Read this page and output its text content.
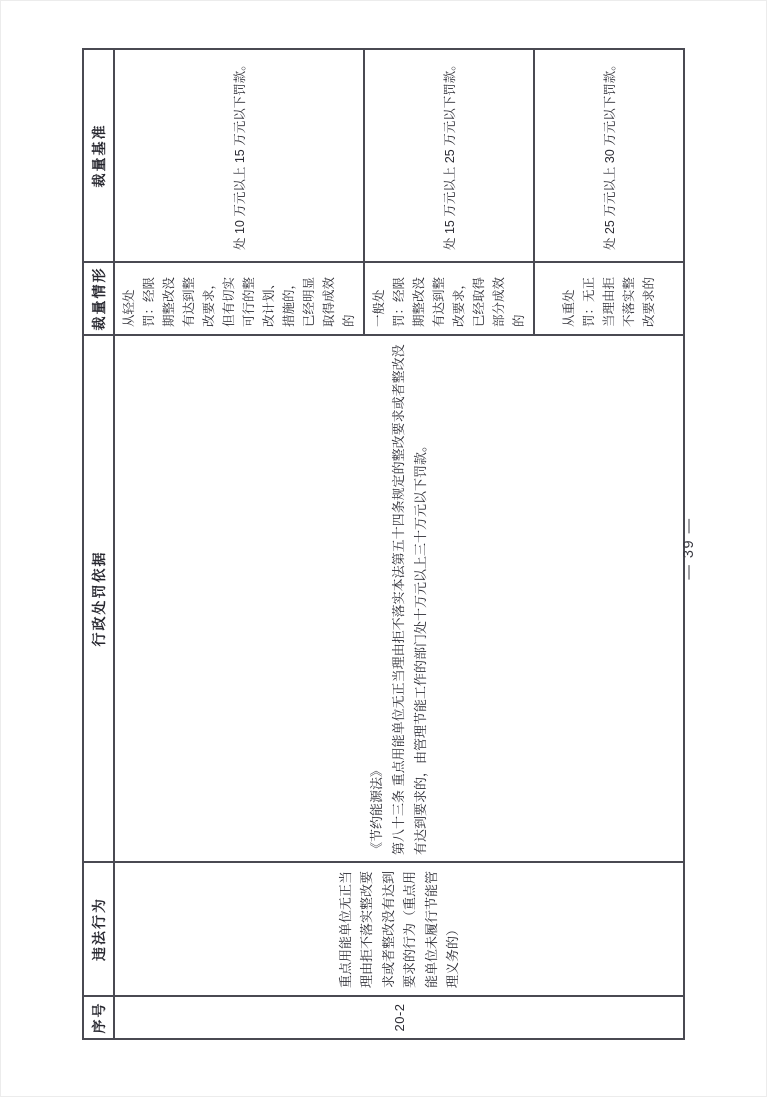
序号	违法行为	行政处罚依据	裁量情形	裁量基准
20-2	重点用能单位无正当理由拒不落实整改要求或者整改没有达到要求的行为（重点用能单位未履行节能管理义务的）	《节约能源法》 第八十三条 重点用能单位无正当理由拒不落实本法第五十四条规定的整改要求或者整改没有达到要求的，由管理节能工作的部门处十万元以上三十万元以下罚款。	从轻处罚：经限期整改没有达到整改要求，但有切实可行的整改计划、措施的，已经明显取得成效的	处 10 万元以上 15 万元以下罚款。
			一般处罚：经限期整改没有达到整改要求，已经取得部分成效的	处 15 万元以上 25 万元以下罚款。
			从重处罚：无正当理由拒不落实整改要求的	处 25 万元以上 30 万元以下罚款。
— 39 —
